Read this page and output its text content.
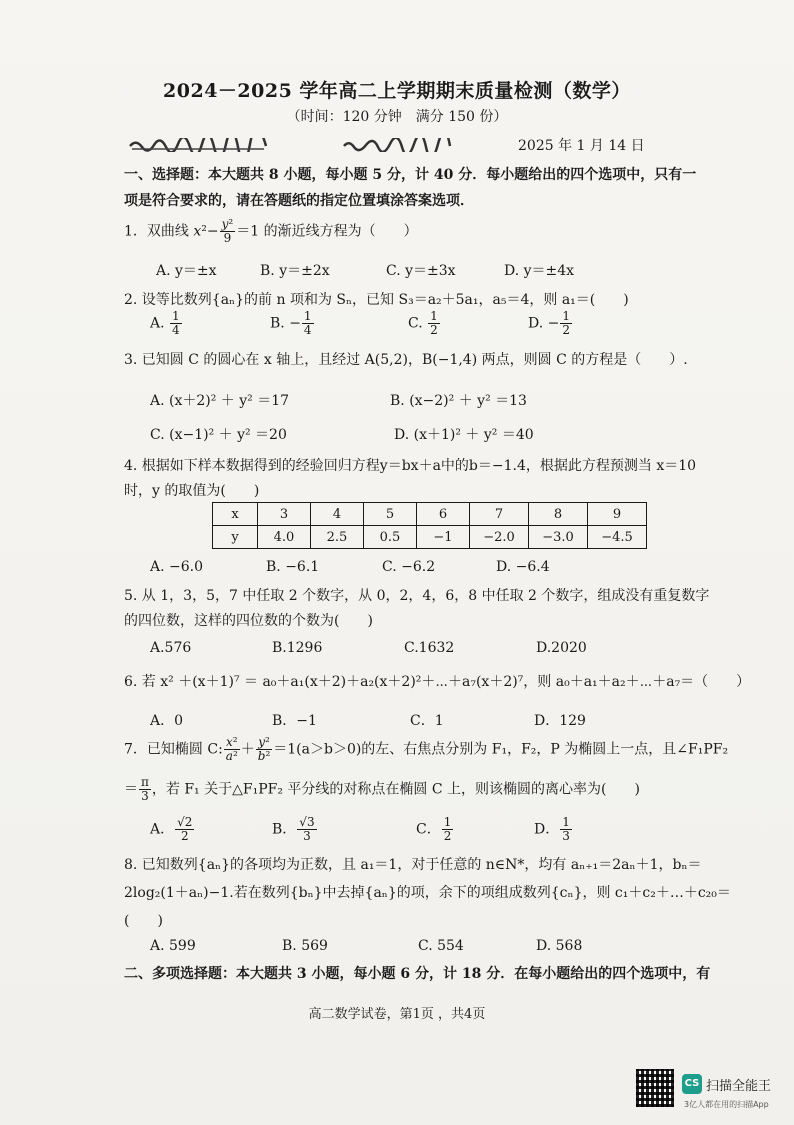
2024－2025 学年高二上学期期末质量检测（数学）
（时间：120 分钟　满分 150 份）
2025 年 1 月 14 日
一、选择题：本大题共 8 小题，每小题 5 分，计 40 分．每小题给出的四个选项中，只有一
项是符合要求的，请在答题纸的指定位置填涂答案选项．
1．双曲线 $x^2- \frac{\text{y²}}{9} =1$ 的渐近线方程为（　　）
A. y＝±x	B. y＝±2x	C. y＝±3x	D. y＝±4x
2. 设等比数列{aₙ}的前 n 项和为 Sₙ，已知 S₃＝a₂＋5a₁，a₅＝4，则 a₁＝(　　)
A. $\frac{1}{4}$	B. − $\frac{1}{4}$	C. $\frac{1}{2}$	D. − $\frac{1}{2}$
3. 已知圆 C 的圆心在 x 轴上，且经过 A(5,2)，B(−1,4) 两点，则圆 C 的方程是（　　）.
A. (x＋2)² ＋ y² ＝17	B. (x−2)² ＋ y² ＝13
C. (x−1)² ＋ y² ＝20	D. (x＋1)² ＋ y² ＝40
4. 根据如下样本数据得到的经验回归方程y＝bx＋a中的b＝−1.4，根据此方程预测当 x＝10
时，y 的取值为(　　)
x	3	4	5	6	7	8	9
y	4.0	2.5	0.5	−1	−2.0	−3.0	−4.5
A. −6.0	B. −6.1	C. −6.2	D. −6.4
5. 从 1，3，5，7 中任取 2 个数字，从 0，2，4，6，8 中任取 2 个数字，组成没有重复数字
的四位数，这样的四位数的个数为(　　)
A.576	B.1296	C.1632	D.2020
6. 若 x² ＋(x＋1)⁷ ＝ a₀＋a₁(x＋2)＋a₂(x＋2)²＋⋯＋a₇(x＋2)⁷，则 a₀＋a₁＋a₂＋⋯＋a₇＝（　　）
A．0	B．−1	C．1	D．129
7．已知椭圆 C: $\frac{\text{x²}}{\text{a²}} + \frac{\text{y²}}{\text{b²}} =1(a>b>0)$的左、右焦点分别为 F₁，F₂，P 为椭圆上一点，且∠F₁PF₂
＝ $\frac{\pi}{3}$ ，若 F₁ 关于△F₁PF₂ 平分线的对称点在椭圆 C 上，则该椭圆的离心率为(　　)
A． $\frac{√2}{2}$	B． $\frac{√3}{3}$	C． $\frac{1}{2}$	D． $\frac{1}{3}$
8. 已知数列{aₙ}的各项均为正数，且 a₁＝1，对于任意的 n∈N*，均有 aₙ₊₁＝2aₙ＋1，bₙ＝
2log₂(1＋aₙ)−1.若在数列{bₙ}中去掉{aₙ}的项，余下的项组成数列{cₙ}，则 c₁＋c₂＋…＋c₂₀＝
(　　)
A. 599	B. 569	C. 554	D. 568
二、多项选择题：本大题共 3 小题，每小题 6 分，计 18 分．在每小题给出的四个选项中，有
高二数学试卷，第1页 ，共4页
CS 扫描全能王
3亿人都在用的扫描App
